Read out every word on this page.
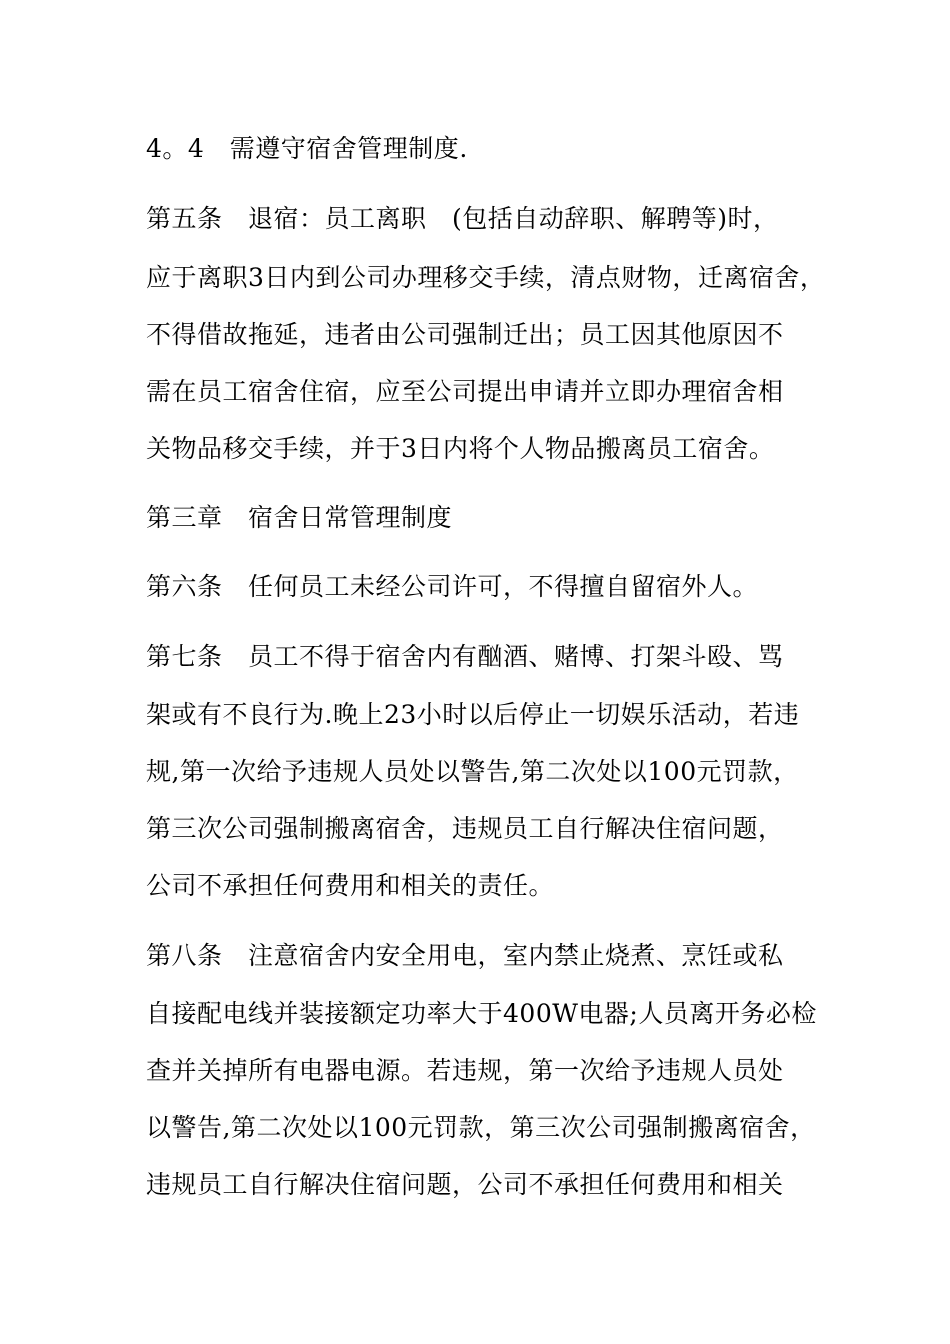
4。4　需遵守宿舍管理制度.

第五条　退宿：员工离职　(包括自动辞职、解聘等)时，

应于离职3日内到公司办理移交手续，清点财物，迁离宿舍，

不得借故拖延，违者由公司强制迁出；员工因其他原因不

需在员工宿舍住宿，应至公司提出申请并立即办理宿舍相

关物品移交手续，并于3日内将个人物品搬离员工宿舍。

第三章　宿舍日常管理制度

第六条　任何员工未经公司许可，不得擅自留宿外人。

第七条　员工不得于宿舍内有酗酒、赌博、打架斗殴、骂

架或有不良行为.晚上23小时以后停止一切娱乐活动，若违

规,第一次给予违规人员处以警告,第二次处以100元罚款，

第三次公司强制搬离宿舍，违规员工自行解决住宿问题，

公司不承担任何费用和相关的责任。

第八条　注意宿舍内安全用电，室内禁止烧煮、烹饪或私

自接配电线并装接额定功率大于400W电器;人员离开务必检

查并关掉所有电器电源。若违规，第一次给予违规人员处

以警告,第二次处以100元罚款，第三次公司强制搬离宿舍，

违规员工自行解决住宿问题，公司不承担任何费用和相关
